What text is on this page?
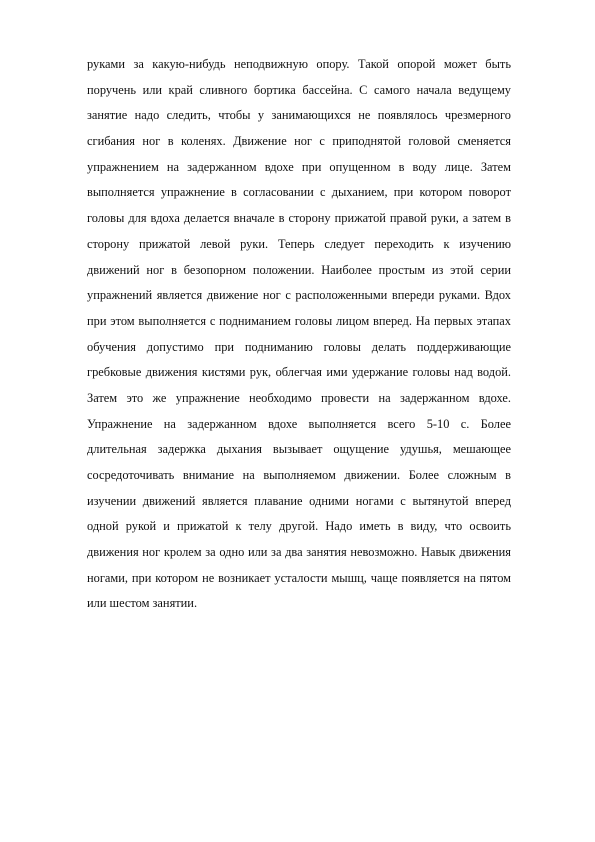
руками за какую-нибудь неподвижную опору. Такой опорой может быть
поручень или край сливного бортика бассейна. С самого начала ведущему
занятие надо следить, чтобы у занимающихся не появлялось чрезмерного
сгибания ног в коленях. Движение ног с приподнятой головой сменяется
упражнением на задержанном вдохе при опущенном в воду лице. Затем
выполняется упражнение в согласовании с дыханием, при котором поворот
головы для вдоха делается вначале в сторону прижатой правой руки, а затем в
сторону прижатой левой руки. Теперь следует переходить к изучению
движений ног в безопорном положении. Наиболее простым из этой серии
упражнений является движение ног с расположенными впереди руками. Вдох
при этом выполняется с подниманием головы лицом вперед. На первых этапах
обучения допустимо при подниманию головы делать поддерживающие
гребковые движения кистями рук, облегчая ими удержание головы над водой.
Затем это же упражнение необходимо провести на задержанном вдохе.
Упражнение на задержанном вдохе выполняется всего 5-10 с. Более
длительная задержка дыхания вызывает ощущение удушья, мешающее
сосредоточивать внимание на выполняемом движении. Более сложным в
изучении движений является плавание одними ногами с вытянутой вперед
одной рукой и прижатой к телу другой. Надо иметь в виду, что освоить
движения ног кролем за одно или за два занятия невозможно. Навык движения
ногами, при котором не возникает усталости мышц, чаще появляется на пятом
или шестом занятии.
